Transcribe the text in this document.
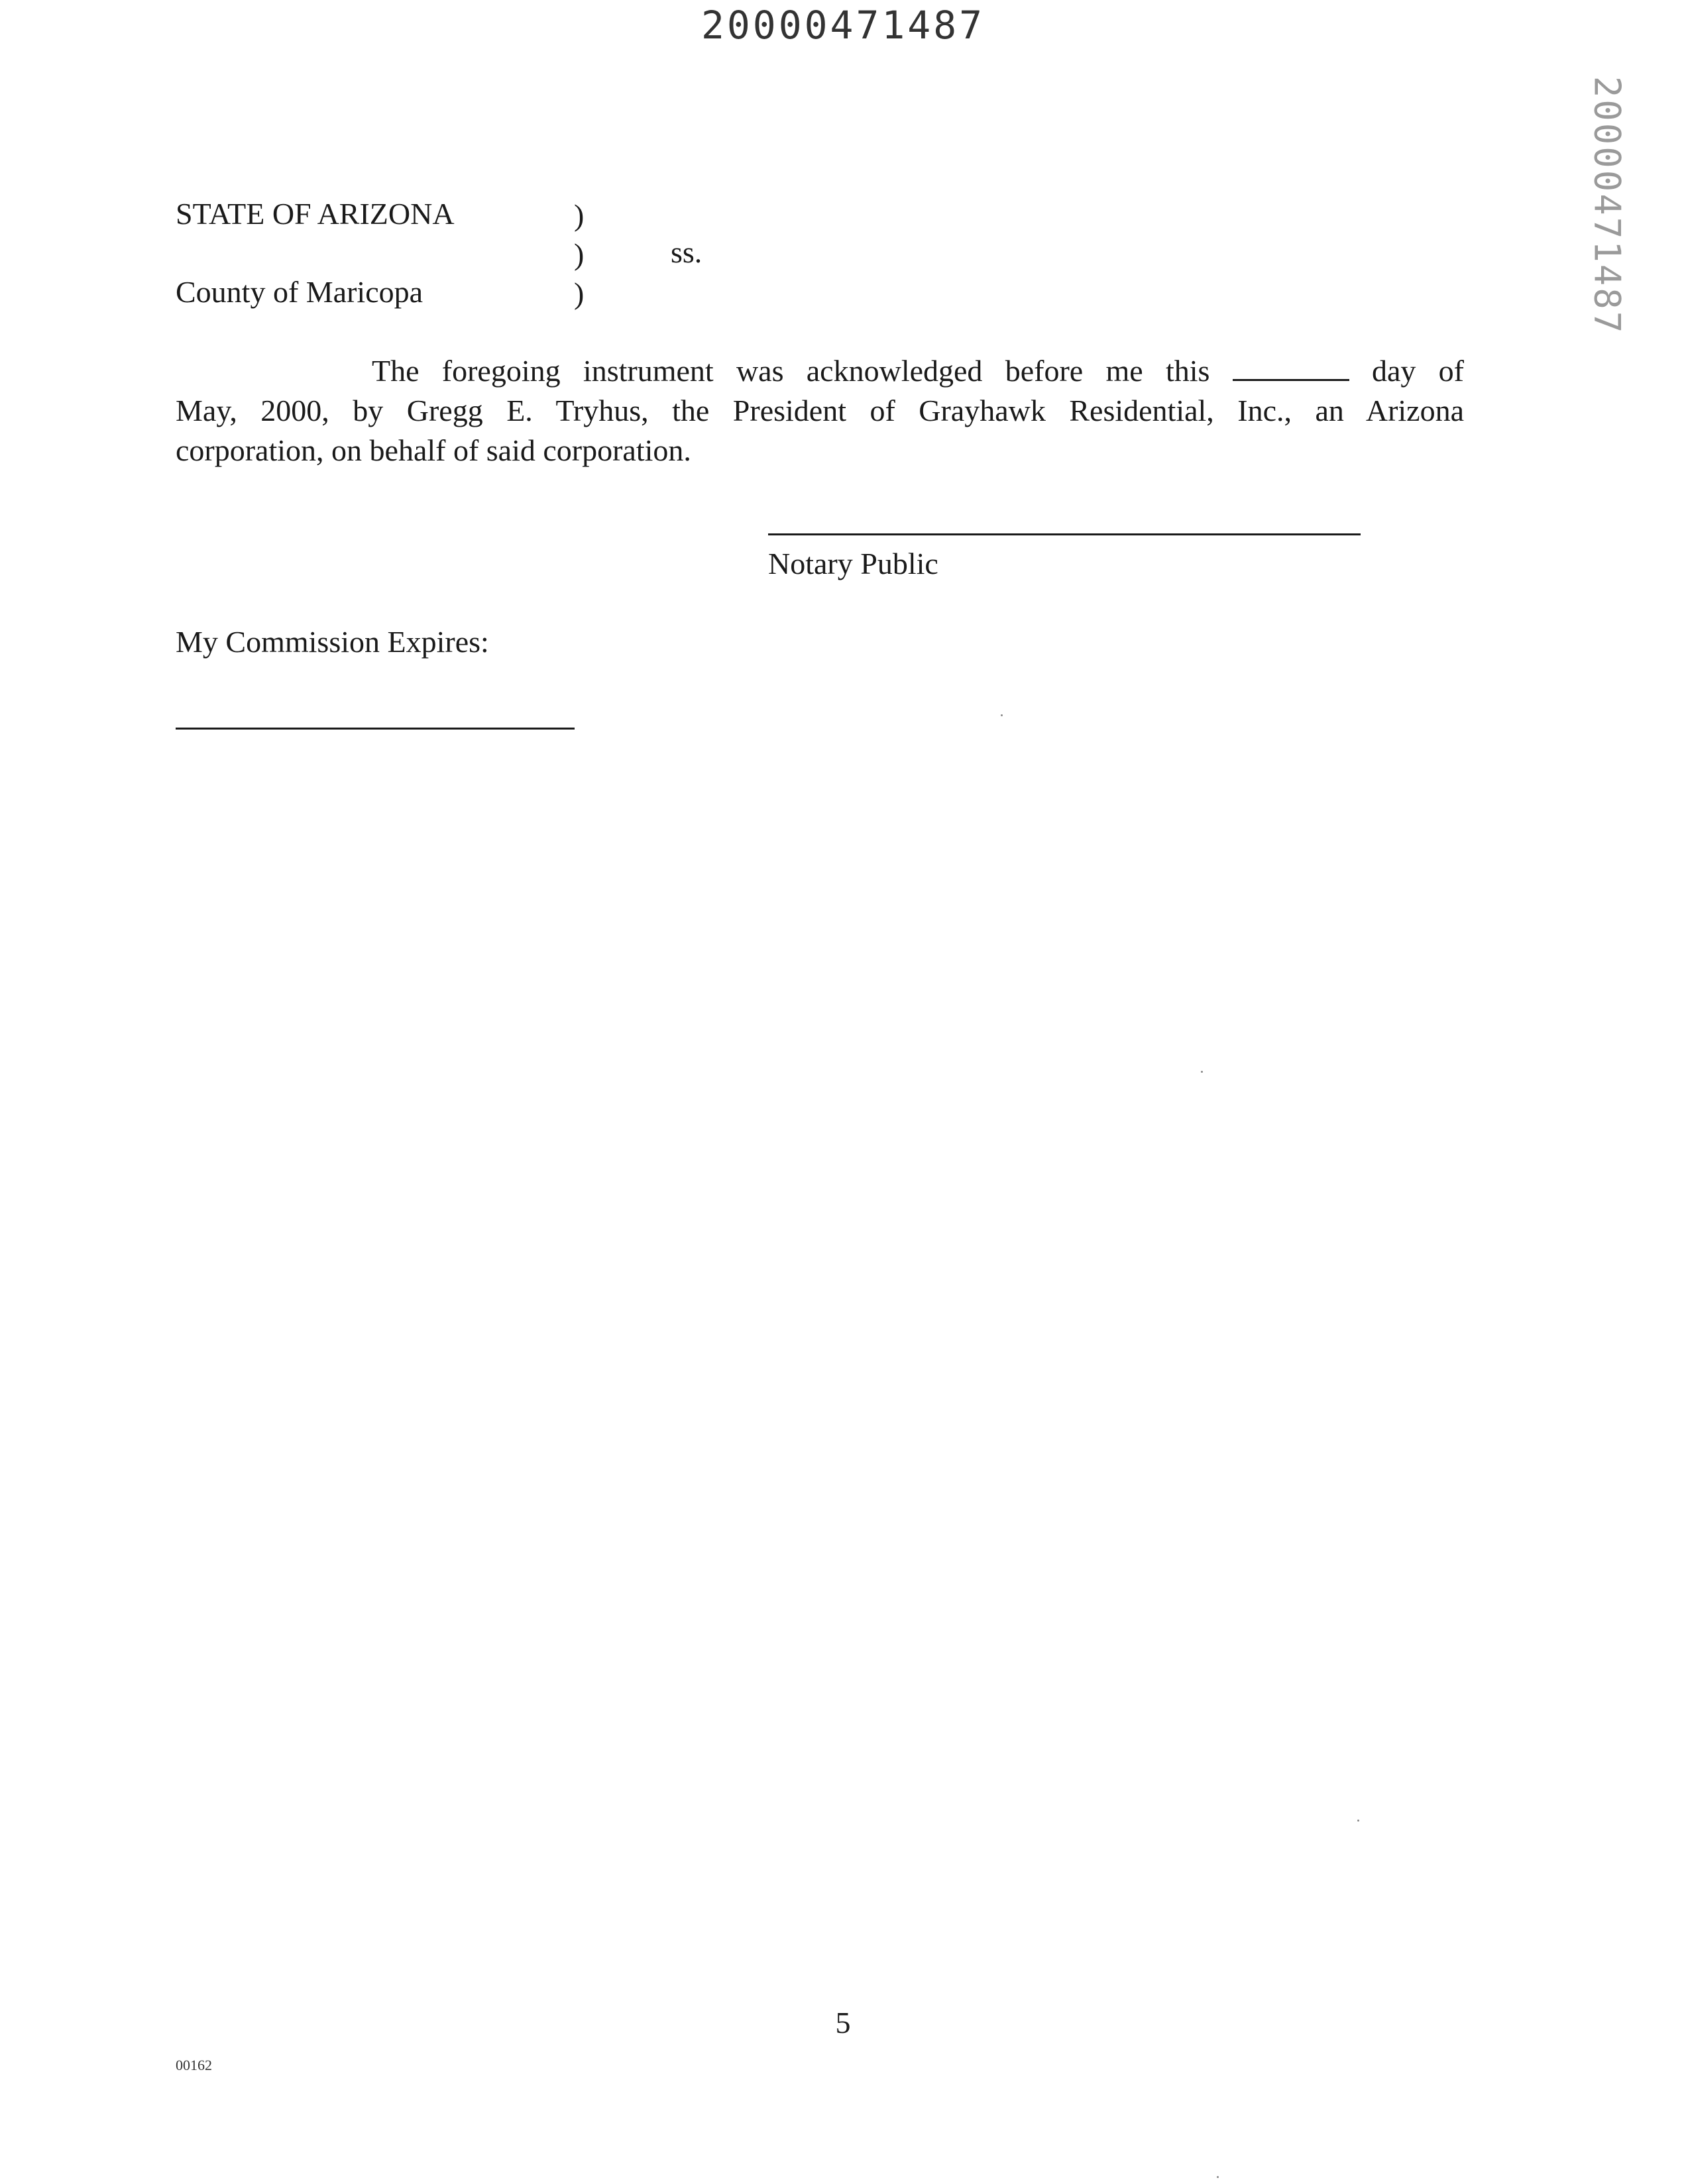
20000471487
20000471487
STATE OF ARIZONA
County of Maricopa
)
)
)
ss.
The foregoing instrument was acknowledged before me this	day of
May, 2000, by Gregg E. Tryhus, the President of Grayhawk Residential, Inc., an Arizona
corporation, on behalf of said corporation.
Notary Public
My Commission Expires:
5
00162
